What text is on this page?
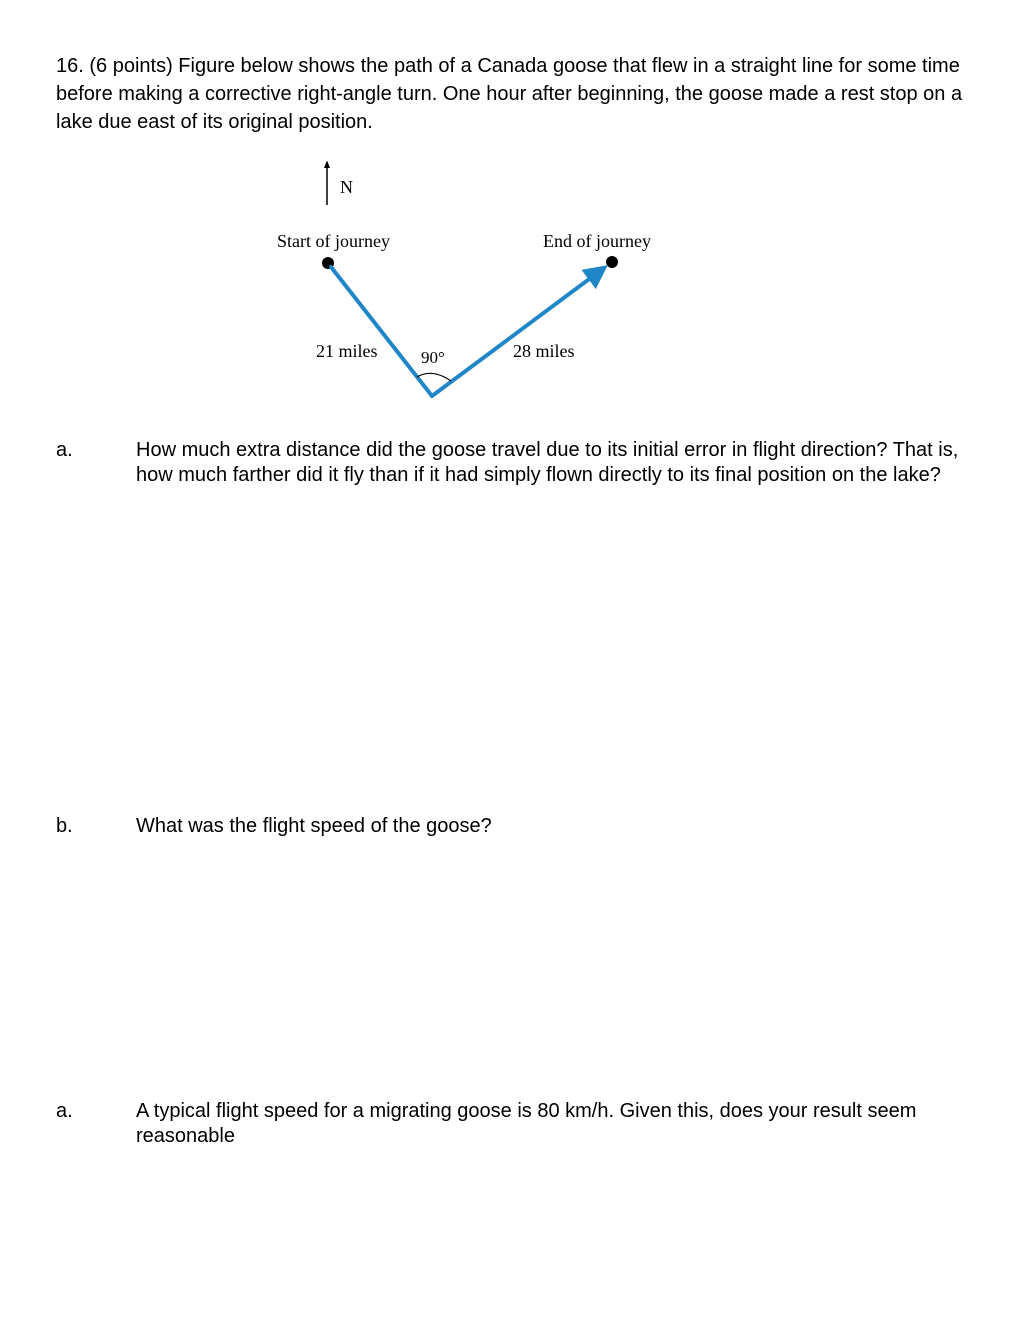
16. (6 points) Figure below shows the path of a Canada goose that flew in a straight line for some time before making a corrective right-angle turn. One hour after beginning, the goose made a rest stop on a lake due east of its original position.

N
Start of journey	End of journey
21 miles	28 miles
90°
a.	How much extra distance did the goose travel due to its initial error in flight direction? That is, how much farther did it fly than if it had simply flown directly to its final position on the lake?

b.	What was the flight speed of the goose?

a.	A typical flight speed for a migrating goose is 80 km/h. Given this, does your result seem reasonable
